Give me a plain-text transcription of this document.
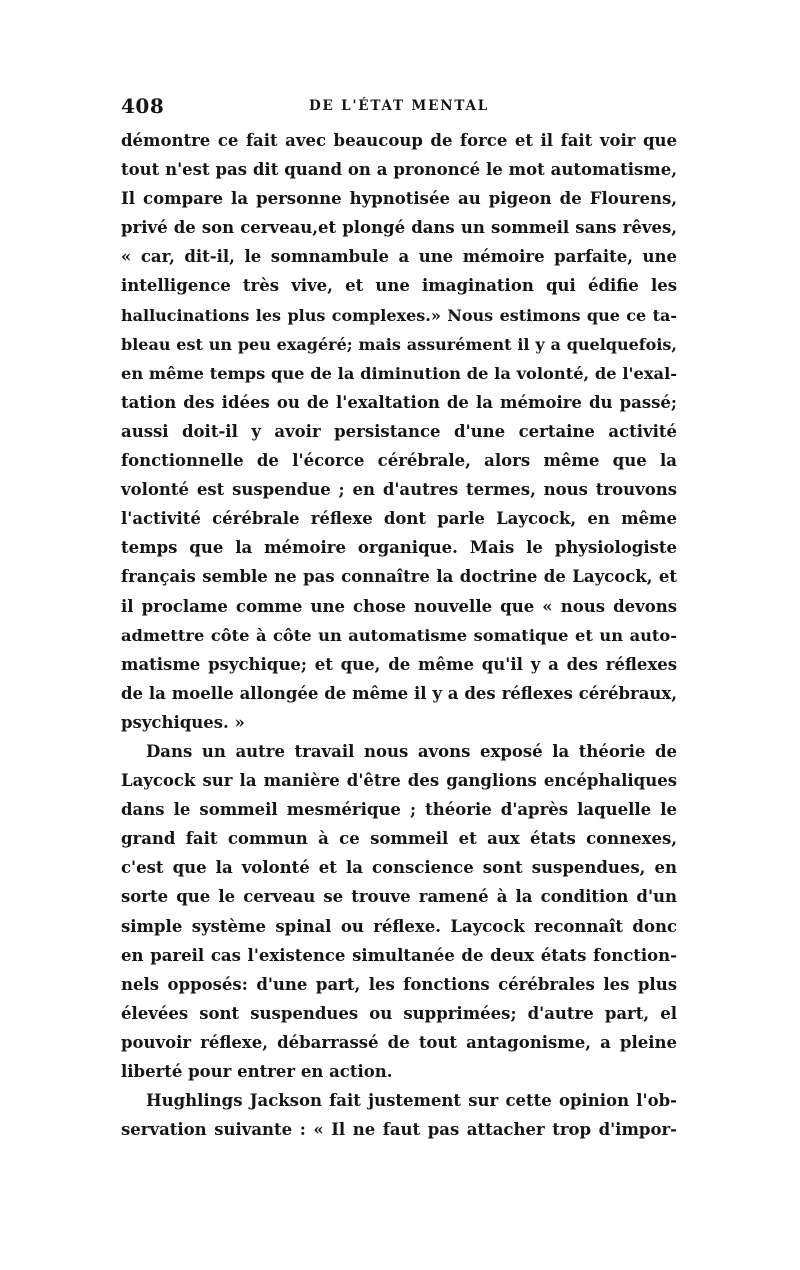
408	DE L'ÉTAT MENTAL
démontre ce fait avec beaucoup de force et il fait voir que
tout n'est pas dit quand on a prononcé le mot automatisme,
Il compare la personne hypnotisée au pigeon de Flourens,
privé de son cerveau,et plongé dans un sommeil sans rêves,
« car, dit-il, le somnambule a une mémoire parfaite, une
intelligence très vive, et une imagination qui édifie les
hallucinations les plus complexes.» Nous estimons que ce ta-
bleau est un peu exagéré; mais assurément il y a quelquefois,
en même temps que de la diminution de la volonté, de l'exal-
tation des idées ou de l'exaltation de la mémoire du passé;
aussi doit-il y avoir persistance d'une certaine activité
fonctionnelle de l'écorce cérébrale, alors même que la
volonté est suspendue ; en d'autres termes, nous trouvons
l'activité cérébrale réflexe dont parle Laycock, en même
temps que la mémoire organique. Mais le physiologiste
français semble ne pas connaître la doctrine de Laycock, et
il proclame comme une chose nouvelle que « nous devons
admettre côte à côte un automatisme somatique et un auto-
matisme psychique; et que, de même qu'il y a des réflexes
de la moelle allongée de même il y a des réflexes cérébraux,
psychiques. »
Dans un autre travail nous avons exposé la théorie de
Laycock sur la manière d'être des ganglions encéphaliques
dans le sommeil mesmérique ; théorie d'après laquelle le
grand fait commun à ce sommeil et aux états connexes,
c'est que la volonté et la conscience sont suspendues, en
sorte que le cerveau se trouve ramené à la condition d'un
simple système spinal ou réflexe. Laycock reconnaît donc
en pareil cas l'existence simultanée de deux états fonction-
nels opposés: d'une part, les fonctions cérébrales les plus
élevées sont suspendues ou supprimées; d'autre part, el
pouvoir réflexe, débarrassé de tout antagonisme, a pleine
liberté pour entrer en action.
Hughlings Jackson fait justement sur cette opinion l'ob-
servation suivante : « Il ne faut pas attacher trop d'impor-
